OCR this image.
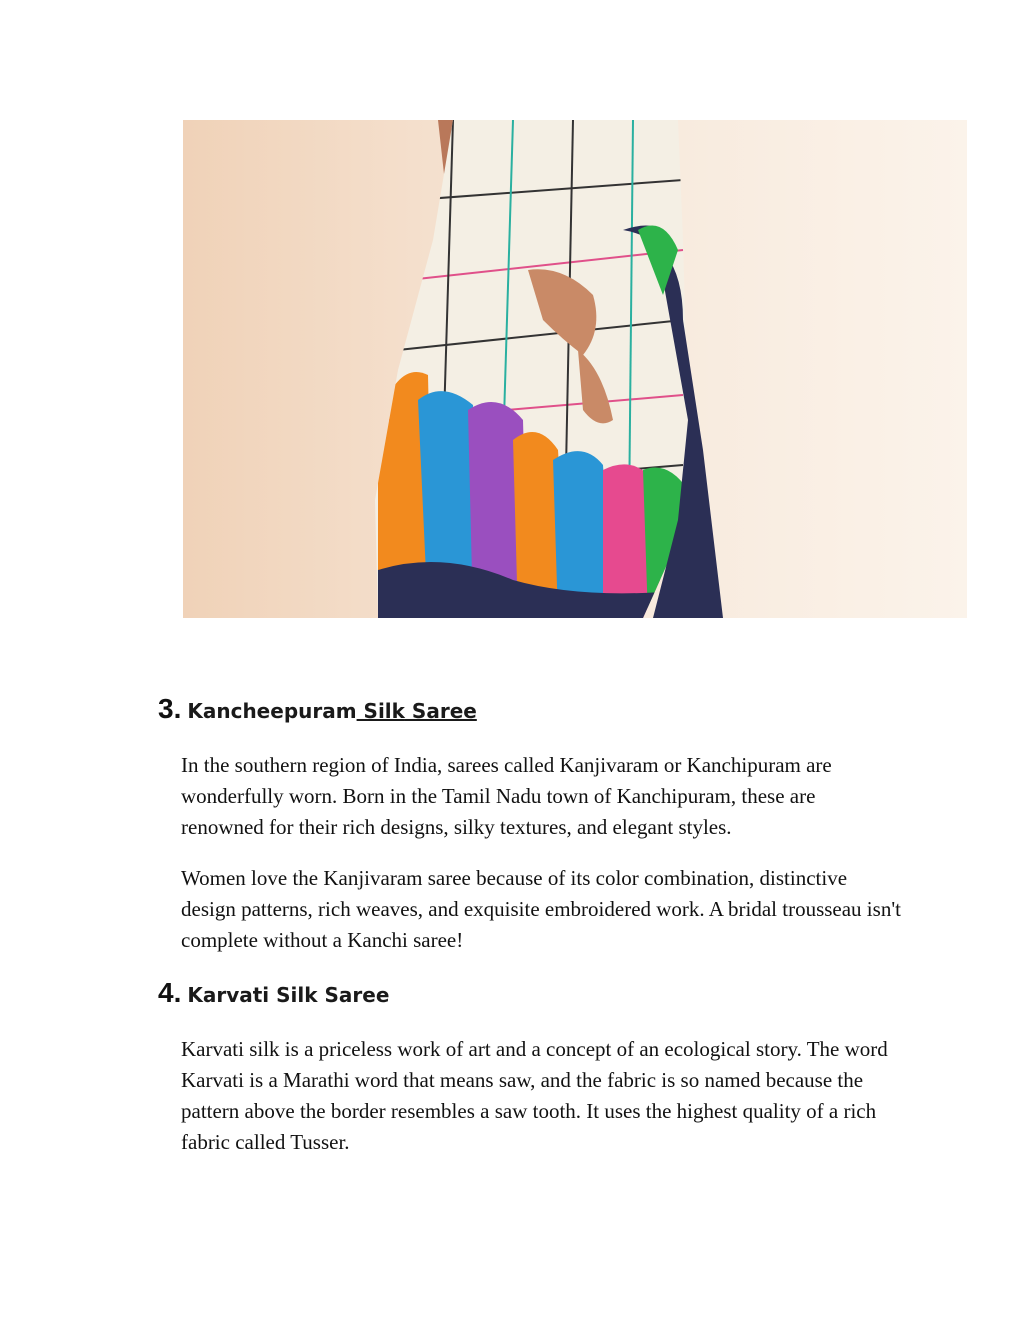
3. Kancheepuram Silk Saree

In the southern region of India, sarees called Kanjivaram or Kanchipuram are wonderfully worn. Born in the Tamil Nadu town of Kanchipuram, these are renowned for their rich designs, silky textures, and elegant styles.

Women love the Kanjivaram saree because of its color combination, distinctive design patterns, rich weaves, and exquisite embroidered work. A bridal trousseau isn't complete without a Kanchi saree!

4. Karvati Silk Saree

Karvati silk is a priceless work of art and a concept of an ecological story. The word Karvati is a Marathi word that means saw, and the fabric is so named because the pattern above the border resembles a saw tooth. It uses the highest quality of a rich fabric called Tusser.
